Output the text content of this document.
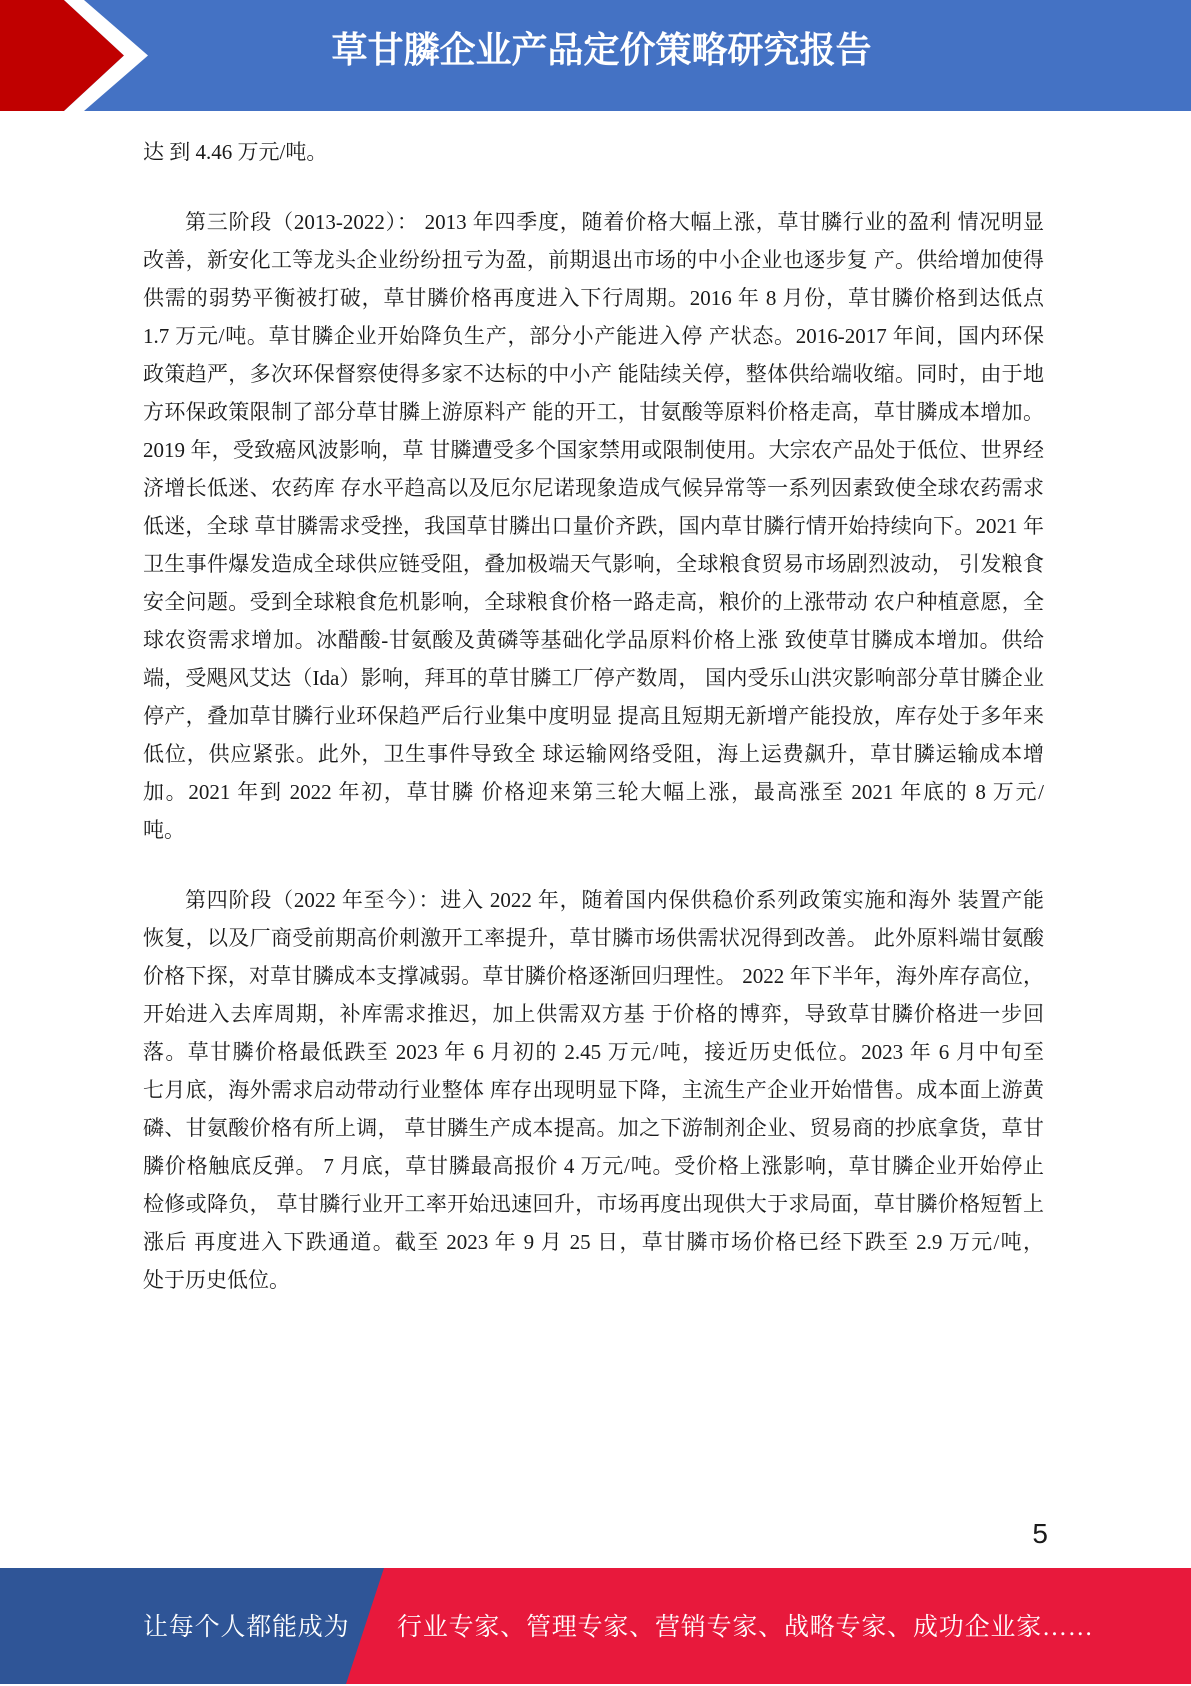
草甘膦企业产品定价策略研究报告
达 到 4.46 万元/吨。
第三阶段（2013-2022）： 2013 年四季度，随着价格大幅上涨，草甘膦行业的盈利 情况明显
改善，新安化工等龙头企业纷纷扭亏为盈，前期退出市场的中小企业也逐步复 产。供给增加使得
供需的弱势平衡被打破，草甘膦价格再度进入下行周期。2016 年 8 月份，草甘膦价格到达低点
1.7 万元/吨。草甘膦企业开始降负生产，部分小产能进入停 产状态。2016-2017 年间，国内环保
政策趋严，多次环保督察使得多家不达标的中小产 能陆续关停，整体供给端收缩。同时，由于地
方环保政策限制了部分草甘膦上游原料产 能的开工，甘氨酸等原料价格走高，草甘膦成本增加。
2019 年，受致癌风波影响，草 甘膦遭受多个国家禁用或限制使用。大宗农产品处于低位、世界经
济增长低迷、农药库 存水平趋高以及厄尔尼诺现象造成气候异常等一系列因素致使全球农药需求
低迷，全球 草甘膦需求受挫，我国草甘膦出口量价齐跌，国内草甘膦行情开始持续向下。2021 年
卫生事件爆发造成全球供应链受阻，叠加极端天气影响，全球粮食贸易市场剧烈波动， 引发粮食
安全问题。受到全球粮食危机影响，全球粮食价格一路走高，粮价的上涨带动 农户种植意愿，全
球农资需求增加。冰醋酸-甘氨酸及黄磷等基础化学品原料价格上涨 致使草甘膦成本增加。供给
端，受飓风艾达（Ida）影响，拜耳的草甘膦工厂停产数周， 国内受乐山洪灾影响部分草甘膦企业
停产，叠加草甘膦行业环保趋严后行业集中度明显 提高且短期无新增产能投放，库存处于多年来
低位，供应紧张。此外，卫生事件导致全 球运输网络受阻，海上运费飙升，草甘膦运输成本增
加。2021 年到 2022 年初，草甘膦 价格迎来第三轮大幅上涨，最高涨至 2021 年底的 8 万元/
吨。
第四阶段（2022 年至今）：进入 2022 年，随着国内保供稳价系列政策实施和海外 装置产能
恢复，以及厂商受前期高价刺激开工率提升，草甘膦市场供需状况得到改善。 此外原料端甘氨酸
价格下探，对草甘膦成本支撑减弱。草甘膦价格逐渐回归理性。 2022 年下半年，海外库存高位，
开始进入去库周期，补库需求推迟，加上供需双方基 于价格的博弈，导致草甘膦价格进一步回
落。草甘膦价格最低跌至 2023 年 6 月初的 2.45 万元/吨，接近历史低位。2023 年 6 月中旬至
七月底，海外需求启动带动行业整体 库存出现明显下降，主流生产企业开始惜售。成本面上游黄
磷、甘氨酸价格有所上调， 草甘膦生产成本提高。加之下游制剂企业、贸易商的抄底拿货，草甘
膦价格触底反弹。 7 月底，草甘膦最高报价 4 万元/吨。受价格上涨影响，草甘膦企业开始停止
检修或降负， 草甘膦行业开工率开始迅速回升，市场再度出现供大于求局面，草甘膦价格短暂上
涨后 再度进入下跌通道。截至 2023 年 9 月 25 日，草甘膦市场价格已经下跌至 2.9 万元/吨，
处于历史低位。
5
让每个人都能成为 行业专家、管理专家、营销专家、战略专家、成功企业家……
